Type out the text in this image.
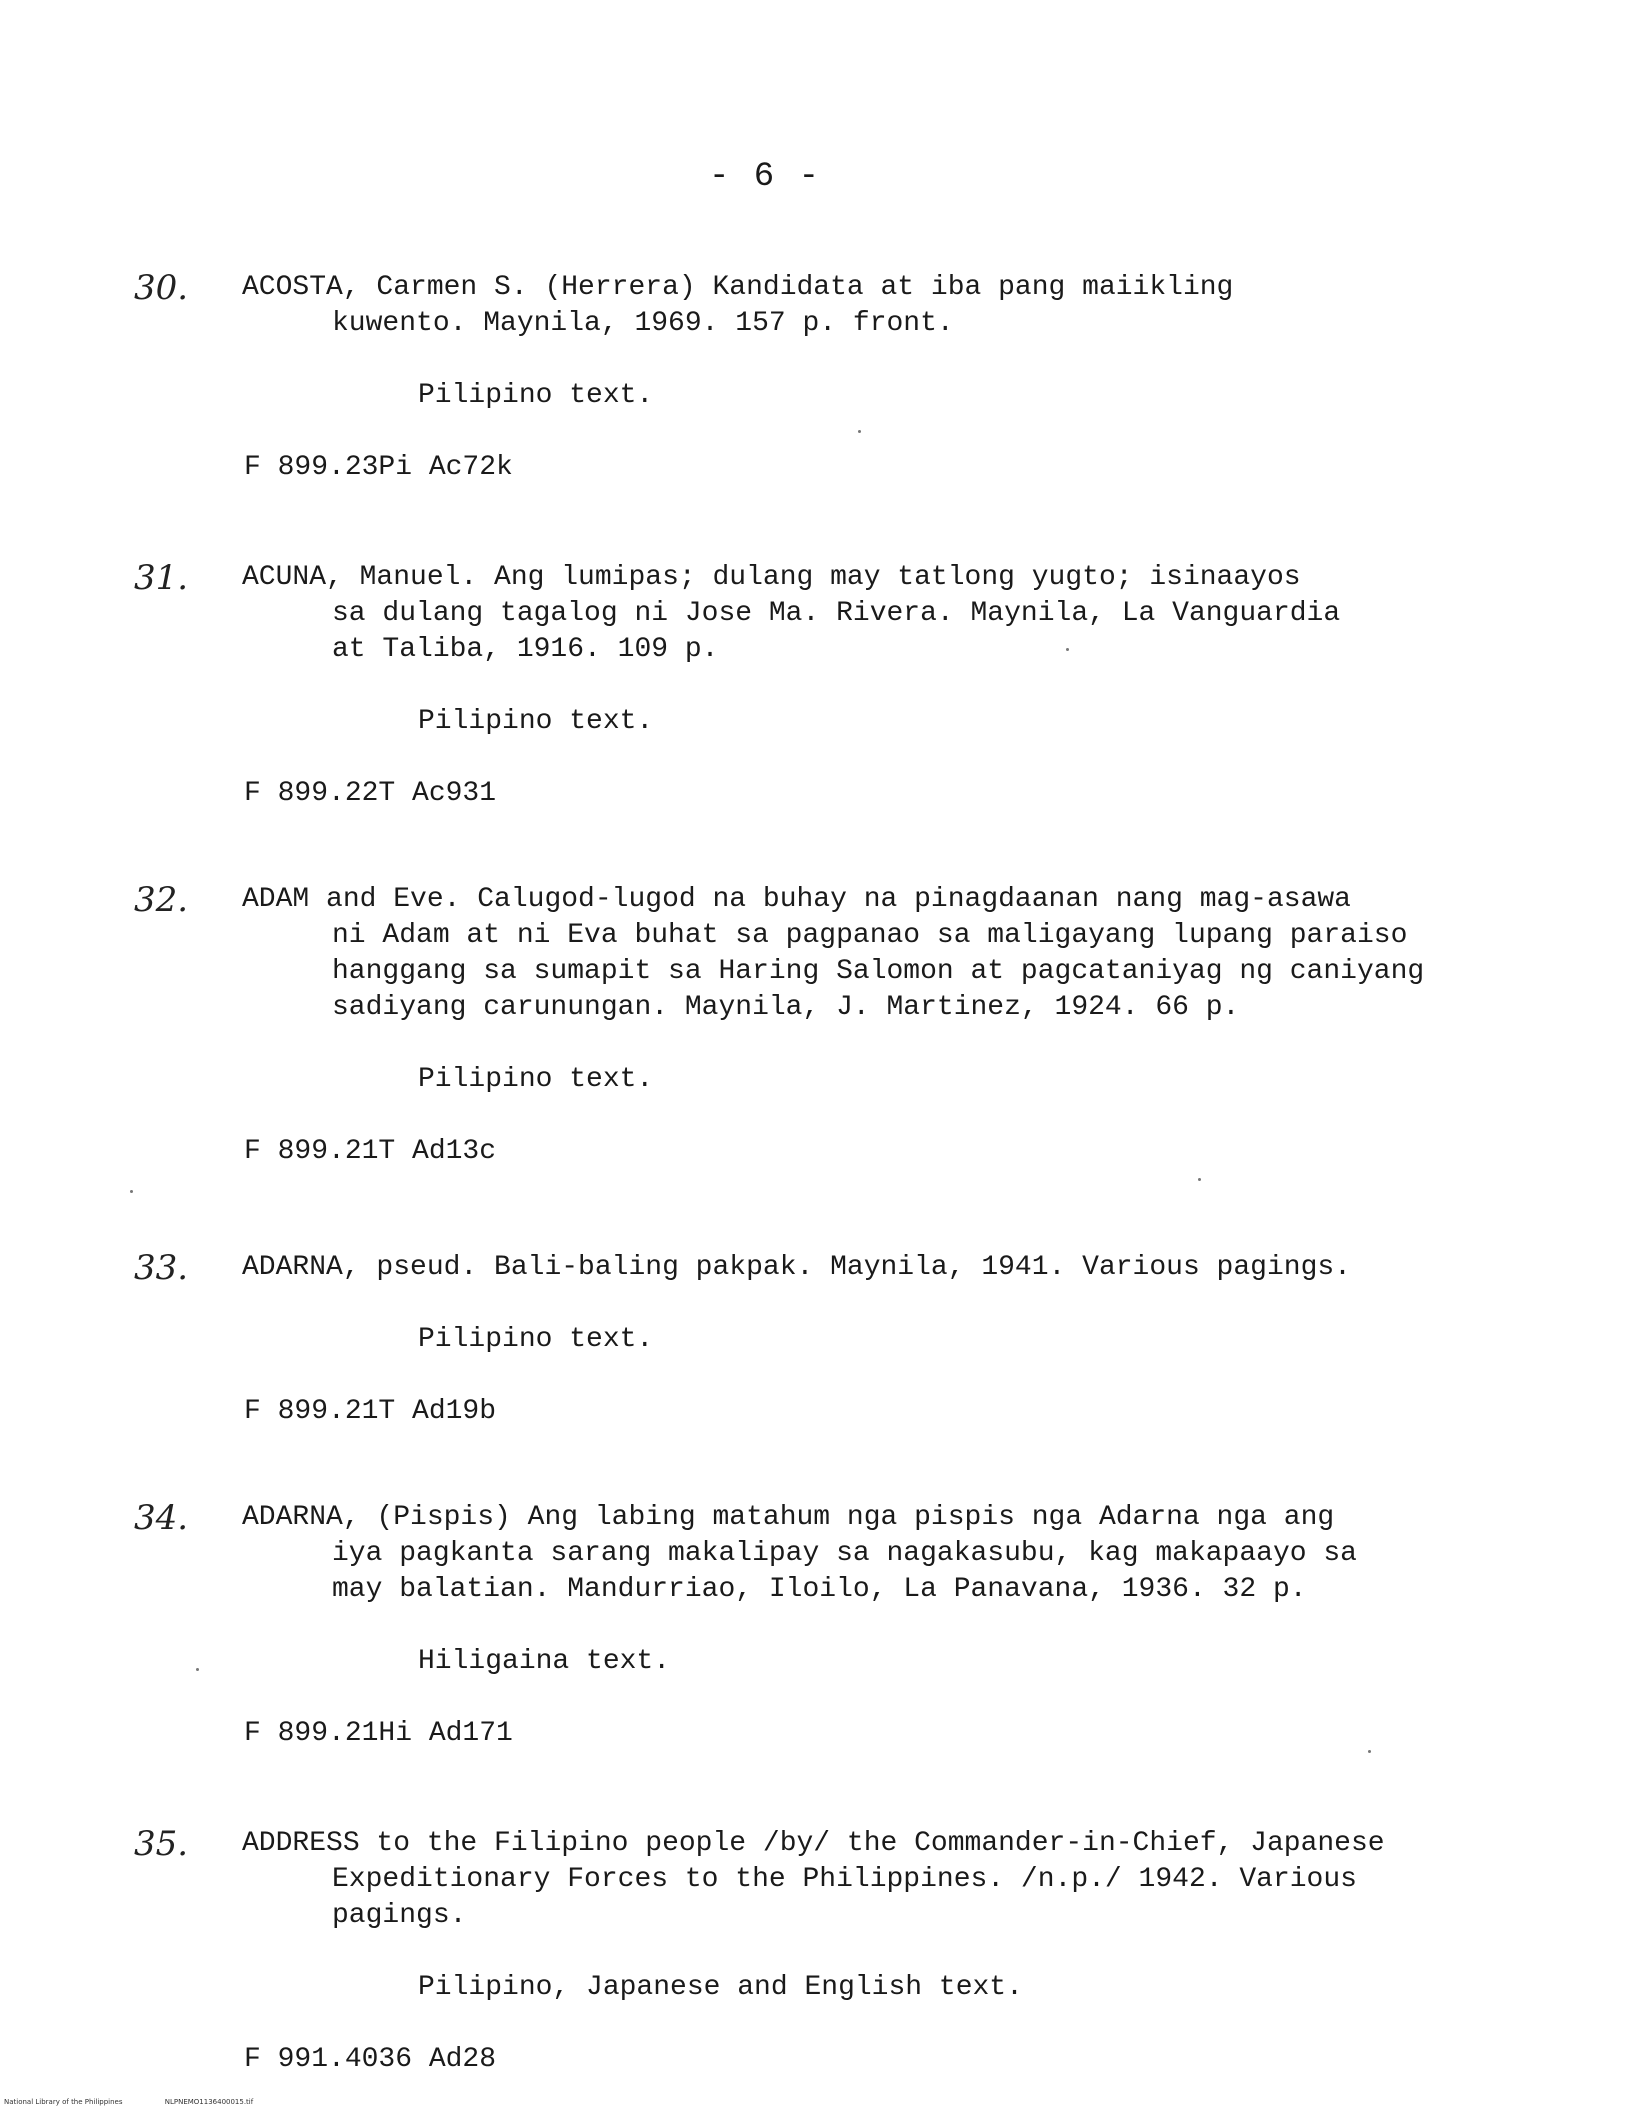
- 6 -
30. ACOSTA, Carmen S. (Herrera) Kandidata at iba pang maiikling
kuwento. Maynila, 1969. 157 p. front.
Pilipino text.
F 899.23Pi Ac72k
31. ACUNA, Manuel. Ang lumipas; dulang may tatlong yugto; isinaayos
sa dulang tagalog ni Jose Ma. Rivera. Maynila, La Vanguardia
at Taliba, 1916. 109 p.
Pilipino text.
F 899.22T Ac931
32. ADAM and Eve. Calugod-lugod na buhay na pinagdaanan nang mag-asawa
ni Adam at ni Eva buhat sa pagpanao sa maligayang lupang paraiso
hanggang sa sumapit sa Haring Salomon at pagcataniyag ng caniyang
sadiyang carunungan. Maynila, J. Martinez, 1924. 66 p.
Pilipino text.
F 899.21T Ad13c
33. ADARNA, pseud. Bali-baling pakpak. Maynila, 1941. Various pagings.
Pilipino text.
F 899.21T Ad19b
34. ADARNA, (Pispis) Ang labing matahum nga pispis nga Adarna nga ang
iya pagkanta sarang makalipay sa nagakasubu, kag makapaayo sa
may balatian. Mandurriao, Iloilo, La Panavana, 1936. 32 p.
Hiligaina text.
F 899.21Hi Ad171
35. ADDRESS to the Filipino people /by/ the Commander-in-Chief, Japanese
Expeditionary Forces to the Philippines. /n.p./ 1942. Various
pagings.
Pilipino, Japanese and English text.
F 991.4036 Ad28
National Library of the Philippines	NLPNEMO1136400015.tif
